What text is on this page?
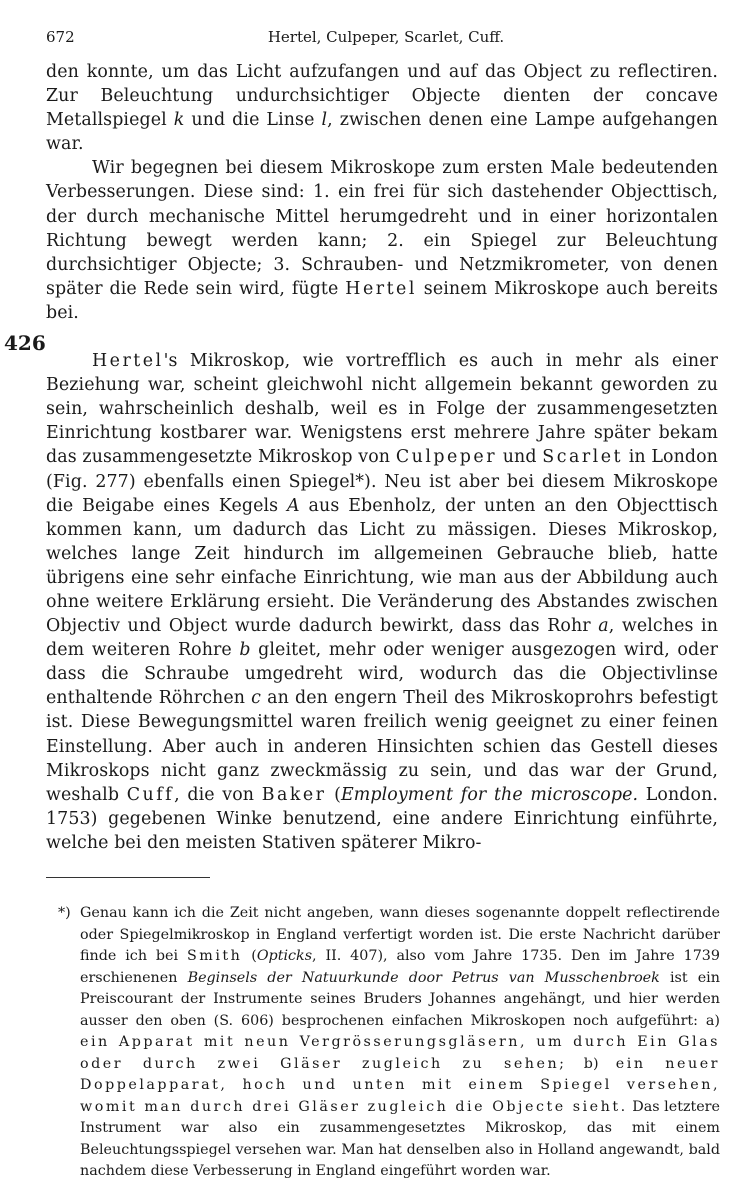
672	Hertel, Culpeper, Scarlet, Cuff.
426

den konnte, um das Licht aufzufangen und auf das Object zu reflectiren. Zur Beleuchtung undurchsichtiger Objecte dienten der concave Metallspiegel k und die Linse l, zwischen denen eine Lampe aufgehangen war.

Wir begegnen bei diesem Mikroskope zum ersten Male bedeutenden Verbesserungen. Diese sind: 1. ein frei für sich dastehender Objecttisch, der durch mechanische Mittel herumgedreht und in einer horizontalen Richtung bewegt werden kann; 2. ein Spiegel zur Beleuchtung durchsichtiger Objecte; 3. Schrauben- und Netzmikrometer, von denen später die Rede sein wird, fügte Hertel seinem Mikroskope auch bereits bei.

Hertel's Mikroskop, wie vortrefflich es auch in mehr als einer Beziehung war, scheint gleichwohl nicht allgemein bekannt geworden zu sein, wahrscheinlich deshalb, weil es in Folge der zusammengesetzten Einrichtung kostbarer war. Wenigstens erst mehrere Jahre später bekam das zusammengesetzte Mikroskop von Culpeper und Scarlet in London (Fig. 277) ebenfalls einen Spiegel*). Neu ist aber bei diesem Mikroskope die Beigabe eines Kegels A aus Ebenholz, der unten an den Objecttisch kommen kann, um dadurch das Licht zu mässigen. Dieses Mikroskop, welches lange Zeit hindurch im allgemeinen Gebrauche blieb, hatte übrigens eine sehr einfache Einrichtung, wie man aus der Abbildung auch ohne weitere Erklärung ersieht. Die Veränderung des Abstandes zwischen Objectiv und Object wurde dadurch bewirkt, dass das Rohr a, welches in dem weiteren Rohre b gleitet, mehr oder weniger ausgezogen wird, oder dass die Schraube umgedreht wird, wodurch das die Objectivlinse enthaltende Röhrchen c an den engern Theil des Mikroskoprohrs befestigt ist. Diese Bewegungsmittel waren freilich wenig geeignet zu einer feinen Einstellung. Aber auch in anderen Hinsichten schien das Gestell dieses Mikroskops nicht ganz zweckmässig zu sein, und das war der Grund, weshalb Cuff, die von Baker (Employment for the microscope. London. 1753) gegebenen Winke benutzend, eine andere Einrichtung einführte, welche bei den meisten Stativen späterer Mikro-

*) Genau kann ich die Zeit nicht angeben, wann dieses sogenannte doppelt reflectirende oder Spiegelmikroskop in England verfertigt worden ist. Die erste Nachricht darüber finde ich bei Smith (Opticks, II. 407), also vom Jahre 1735. Den im Jahre 1739 erschienenen Beginsels der Natuurkunde door Petrus van Musschenbroek ist ein Preiscourant der Instrumente seines Bruders Johannes angehängt, und hier werden ausser den oben (S. 606) besprochenen einfachen Mikroskopen noch aufgeführt: a) ein Apparat mit neun Vergrösserungsgläsern, um durch Ein Glas oder durch zwei Gläser zugleich zu sehen; b) ein neuer Doppelapparat, hoch und unten mit einem Spiegel versehen, womit man durch drei Gläser zugleich die Objecte sieht. Das letztere Instrument war also ein zusammengesetztes Mikroskop, das mit einem Beleuchtungsspiegel versehen war. Man hat denselben also in Holland angewandt, bald nachdem diese Verbesserung in England eingeführt worden war.
